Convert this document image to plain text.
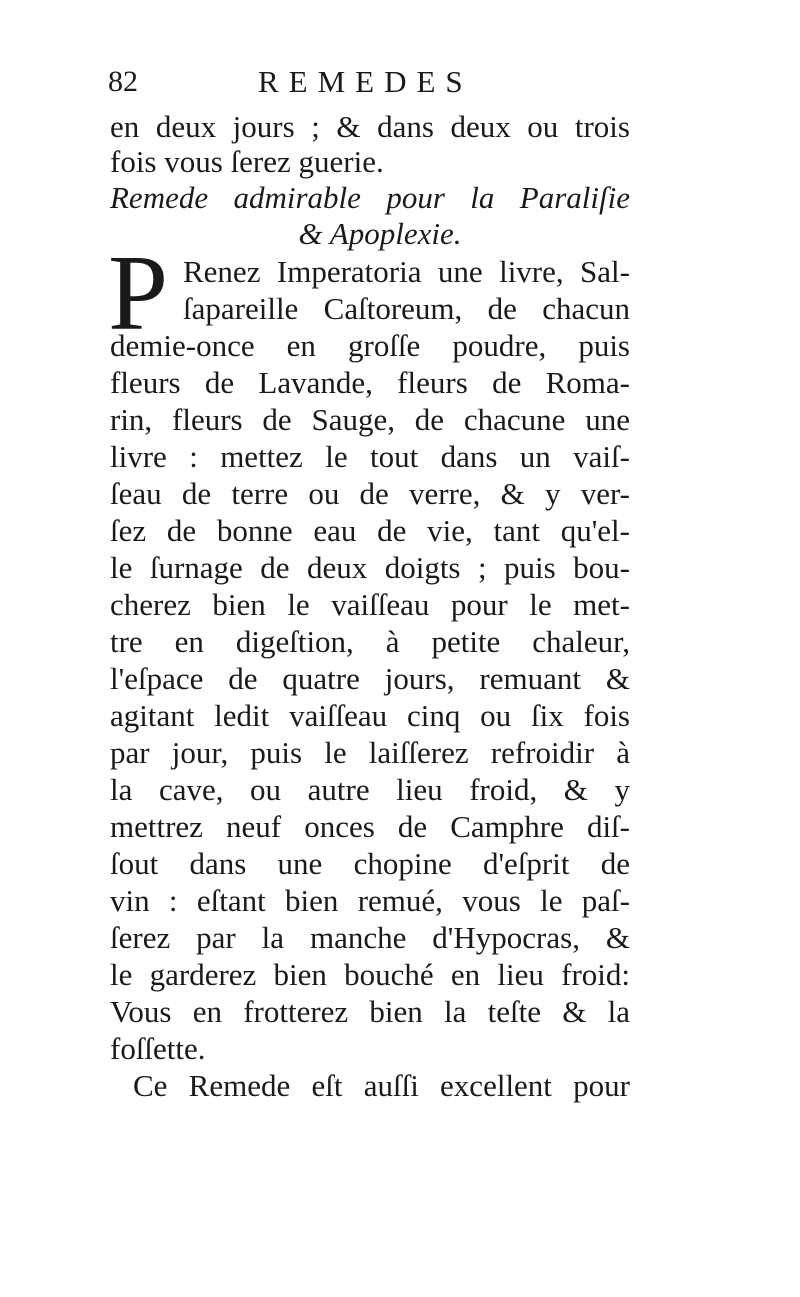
82	REMEDES
en deux jours ; & dans deux ou trois
fois vous ſerez guerie.
Remede admirable pour la Paraliſie
& Apoplexie.
P Renez Imperatoria une livre, Sal-
ſapareille Caſtoreum, de chacun
demie-once en groſſe poudre, puis
fleurs de Lavande, fleurs de Roma-
rin, fleurs de Sauge, de chacune une
livre : mettez le tout dans un vaiſ-
ſeau de terre ou de verre, & y ver-
ſez de bonne eau de vie, tant qu'el-
le ſurnage de deux doigts ; puis bou-
cherez bien le vaiſſeau pour le met-
tre en digeſtion, à petite chaleur,
l'eſpace de quatre jours, remuant &
agitant ledit vaiſſeau cinq ou ſix fois
par jour, puis le laiſſerez refroidir à
la cave, ou autre lieu froid, & y
mettrez neuf onces de Camphre diſ-
ſout dans une chopine d'eſprit de
vin : eſtant bien remué, vous le paſ-
ſerez par la manche d'Hypocras, &
le garderez bien bouché en lieu froid:
Vous en frotterez bien la teſte & la
foſſette.
Ce Remede eſt auſſi excellent pour
